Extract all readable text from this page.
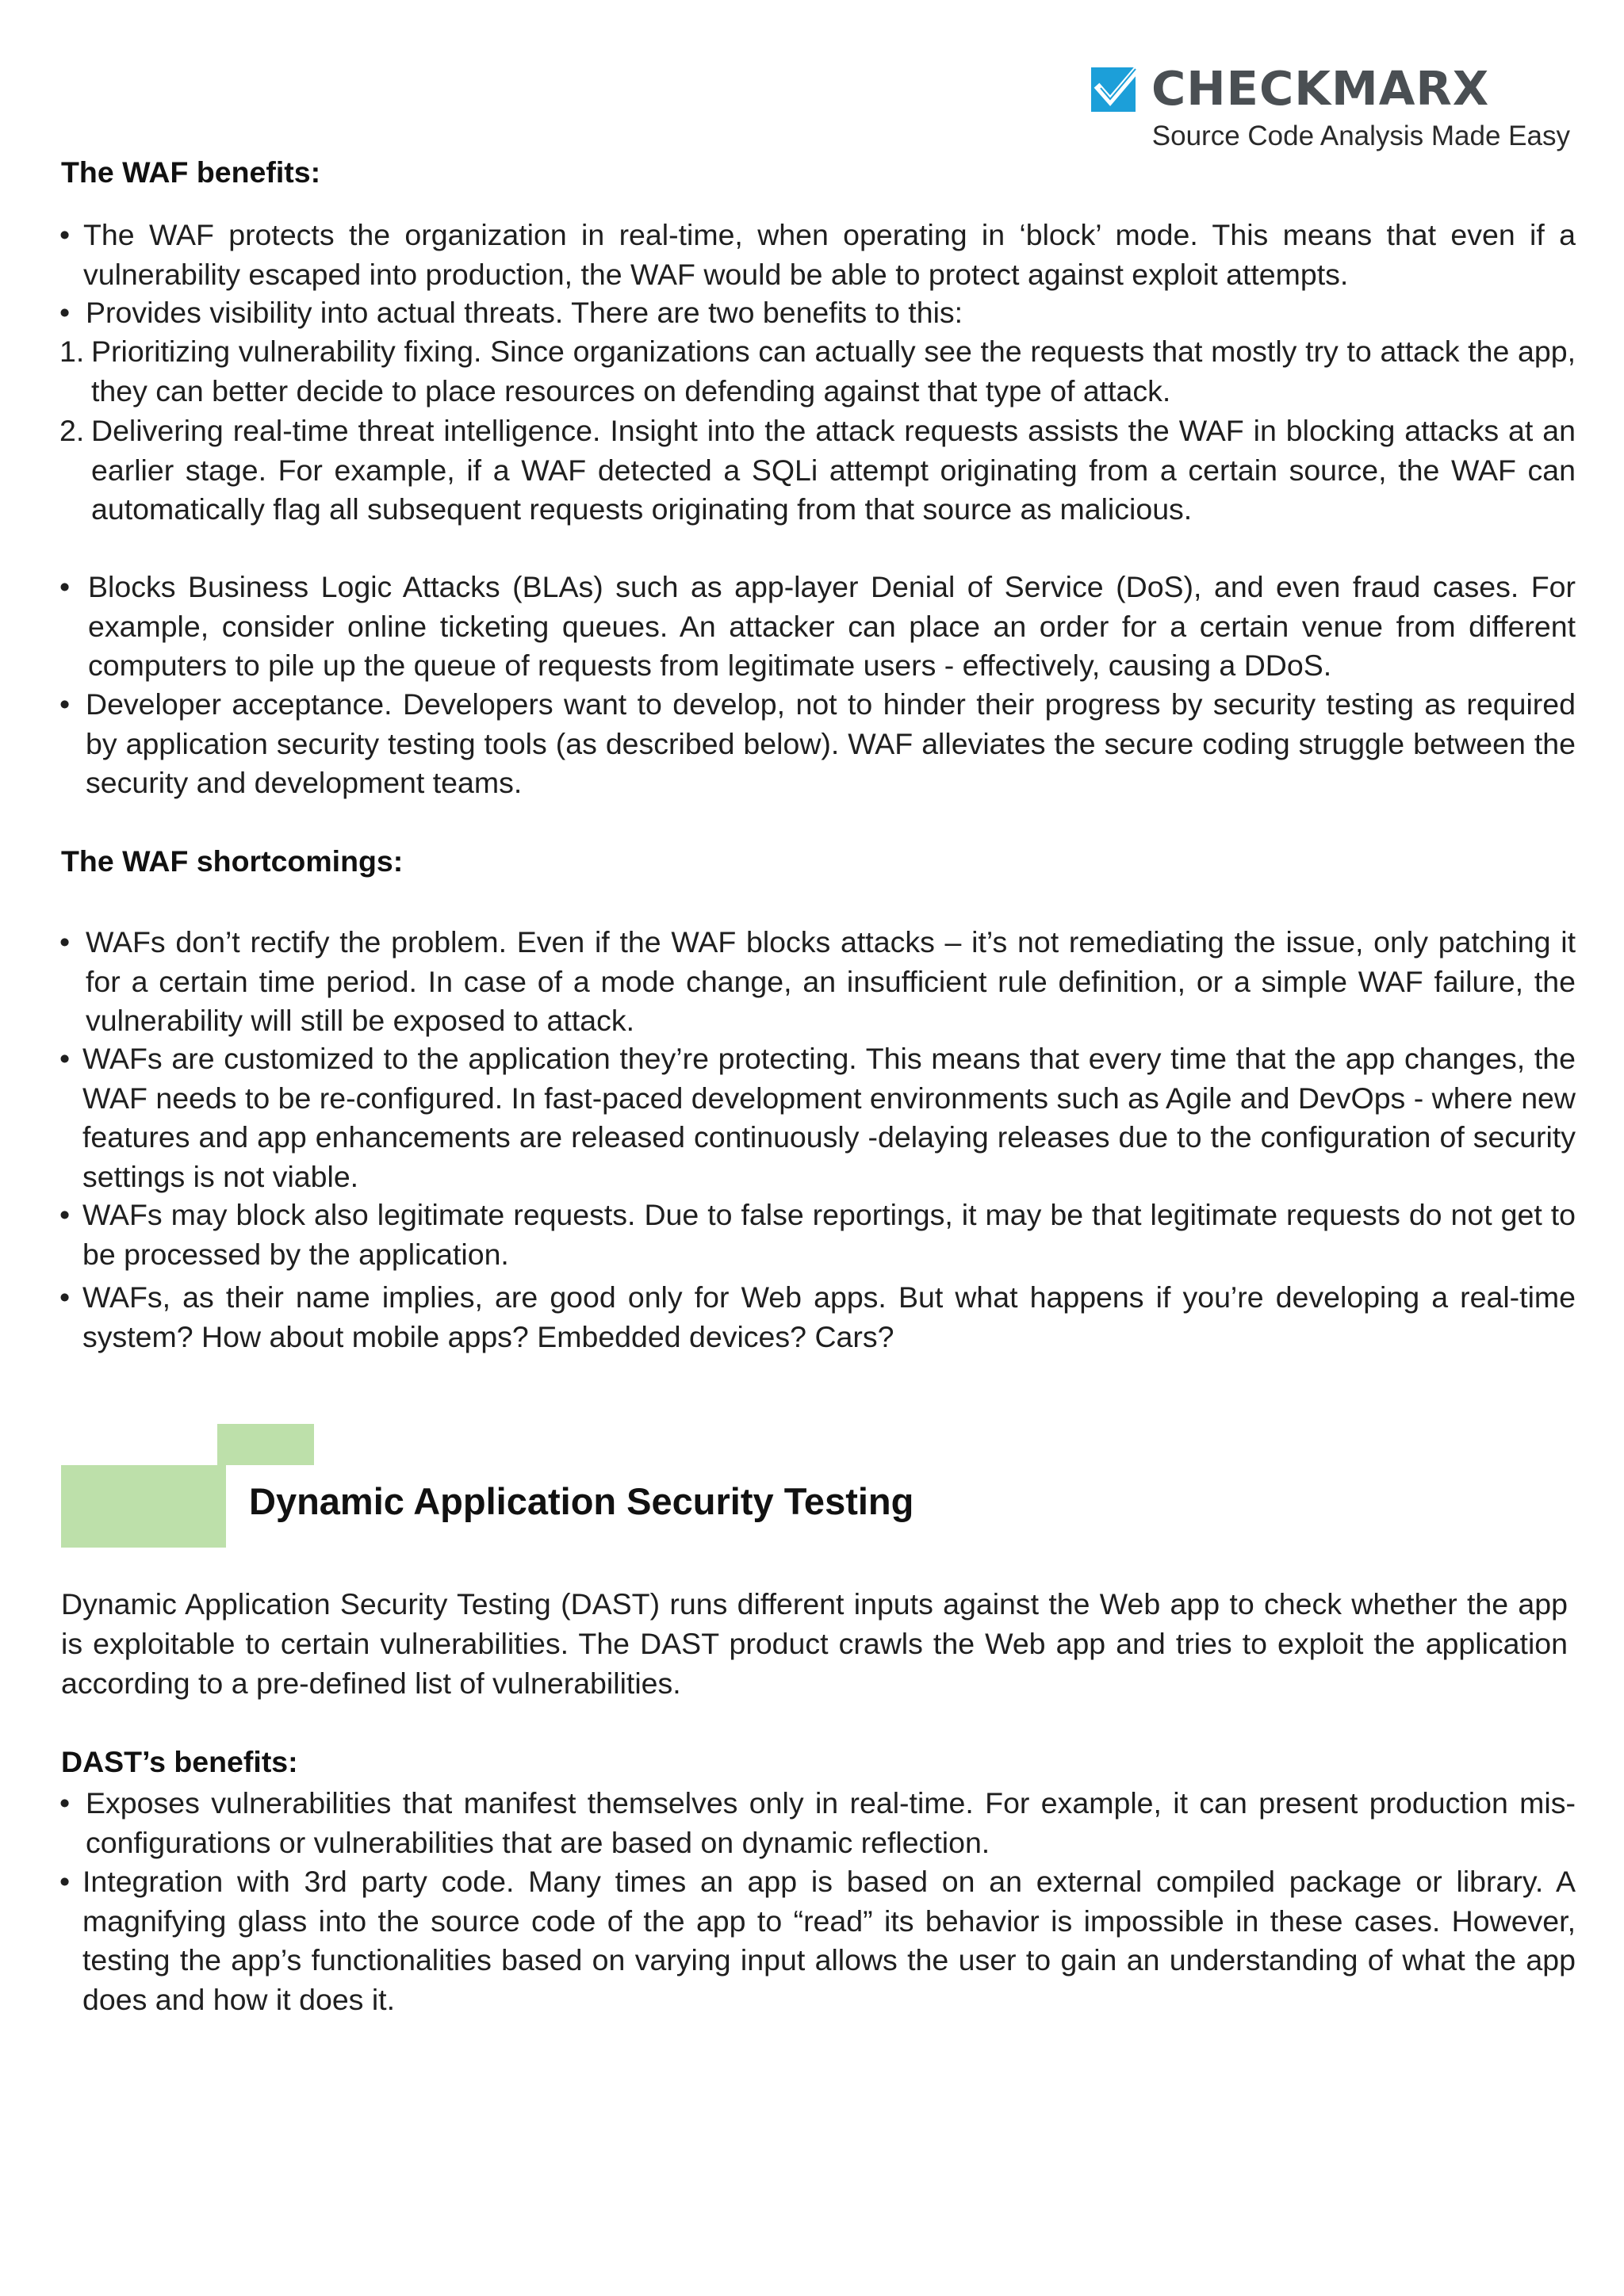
CHECKMARX
Source Code Analysis Made Easy
The WAF benefits:
• The WAF protects the organization in real-time, when operating in ‘block’ mode. This means that even if a vulnerability escaped into production, the WAF would be able to protect against exploit attempts.
• Provides visibility into actual threats. There are two benefits to this:
1. Prioritizing vulnerability fixing. Since organizations can actually see the requests that mostly try to attack the app, they can better decide to place resources on defending against that type of attack.
2. Delivering real-time threat intelligence. Insight into the attack requests assists the WAF in blocking attacks at an earlier stage. For example, if a WAF detected a SQLi attempt originating from a certain source, the WAF can automatically flag all subsequent requests originating from that source as malicious.
• Blocks Business Logic Attacks (BLAs) such as app-layer Denial of Service (DoS), and even fraud cases. For example, consider online ticketing queues. An attacker can place an order for a certain venue from different computers to pile up the queue of requests from legitimate users - effectively, causing a DDoS.
• Developer acceptance. Developers want to develop, not to hinder their progress by security testing as required by application security testing tools (as described below). WAF alleviates the secure coding struggle between the security and development teams.
The WAF shortcomings:
• WAFs don’t rectify the problem. Even if the WAF blocks attacks – it’s not remediating the issue, only patching it for a certain time period. In case of a mode change, an insufficient rule definition, or a simple WAF failure, the vulnerability will still be exposed to attack.
• WAFs are customized to the application they’re protecting. This means that every time that the app changes, the WAF needs to be re-configured. In fast-paced development environments such as Agile and DevOps - where new features and app enhancements are released continuously -delaying releases due to the configuration of security settings is not viable.
• WAFs may block also legitimate requests. Due to false reportings, it may be that legitimate requests do not get to be processed by the application.
• WAFs, as their name implies, are good only for Web apps. But what happens if you’re developing a real-time system? How about mobile apps? Embedded devices? Cars?
Dynamic Application Security Testing
Dynamic Application Security Testing (DAST) runs different inputs against the Web app to check whether the app is exploitable to certain vulnerabilities. The DAST product crawls the Web app and tries to exploit the application according to a pre-defined list of vulnerabilities.
DAST’s benefits:
• Exposes vulnerabilities that manifest themselves only in real-time. For example, it can present production mis-configurations or vulnerabilities that are based on dynamic reflection.
• Integration with 3rd party code. Many times an app is based on an external compiled package or library. A magnifying glass into the source code of the app to “read” its behavior is impossible in these cases. However, testing the app’s functionalities based on varying input allows the user to gain an understanding of what the app does and how it does it.
